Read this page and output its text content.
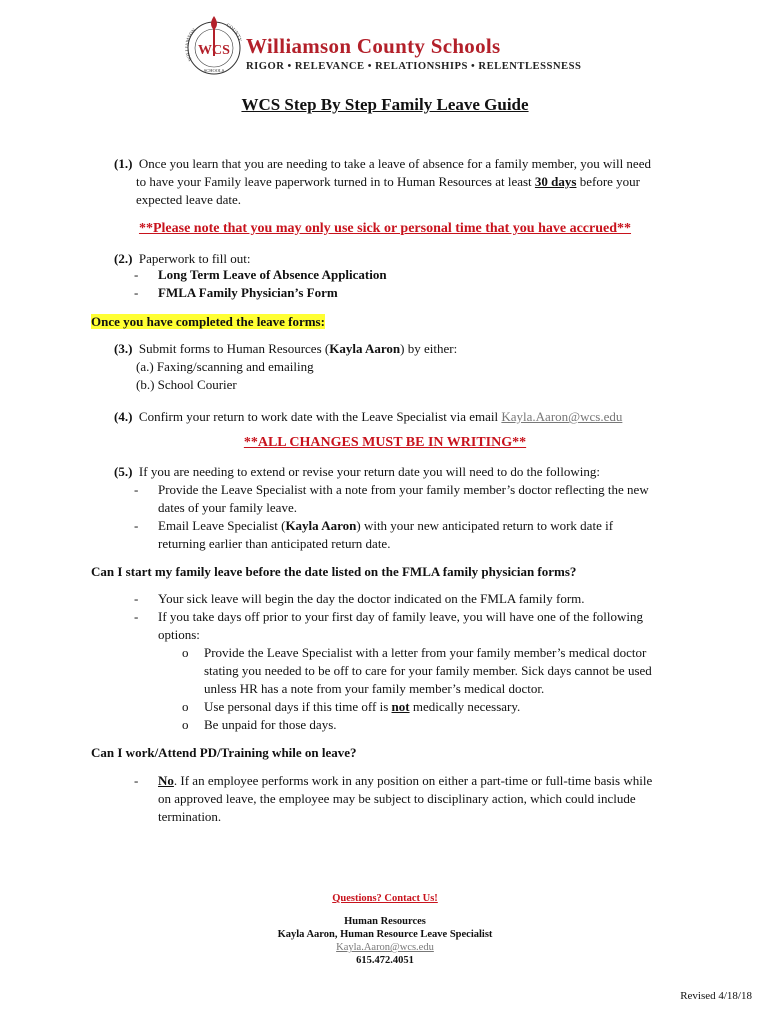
WCS
WILLIAMSON
COUNTY
SCHOOLS
Williamson County Schools
RIGOR • RELEVANCE • RELATIONSHIPS • RELENTLESSNESS
WCS Step By Step Family Leave Guide
(1.) Once you learn that you are needing to take a leave of absence for a family member, you will need
to have your Family leave paperwork turned in to Human Resources at least 30 days before your
expected leave date.
**Please note that you may only use sick or personal time that you have accrued**
(2.) Paperwork to fill out:
- Long Term Leave of Absence Application
- FMLA Family Physician’s Form
Once you have completed the leave forms:
(3.) Submit forms to Human Resources (Kayla Aaron) by either:
(a.) Faxing/scanning and emailing
(b.) School Courier
(4.) Confirm your return to work date with the Leave Specialist via email Kayla.Aaron@wcs.edu
**ALL CHANGES MUST BE IN WRITING**
(5.) If you are needing to extend or revise your return date you will need to do the following:
- Provide the Leave Specialist with a note from your family member’s doctor reflecting the new
dates of your family leave.
- Email Leave Specialist (Kayla Aaron) with your new anticipated return to work date if
returning earlier than anticipated return date.
Can I start my family leave before the date listed on the FMLA family physician forms?
- Your sick leave will begin the day the doctor indicated on the FMLA family form.
- If you take days off prior to your first day of family leave, you will have one of the following
options:
o Provide the Leave Specialist with a letter from your family member’s medical doctor
stating you needed to be off to care for your family member. Sick days cannot be used
unless HR has a note from your family member’s medical doctor.
o Use personal days if this time off is not medically necessary.
o Be unpaid for those days.
Can I work/Attend PD/Training while on leave?
- No. If an employee performs work in any position on either a part-time or full-time basis while
on approved leave, the employee may be subject to disciplinary action, which could include
termination.
Questions? Contact Us!
Human Resources
Kayla Aaron, Human Resource Leave Specialist
Kayla.Aaron@wcs.edu
615.472.4051
Revised 4/18/18
